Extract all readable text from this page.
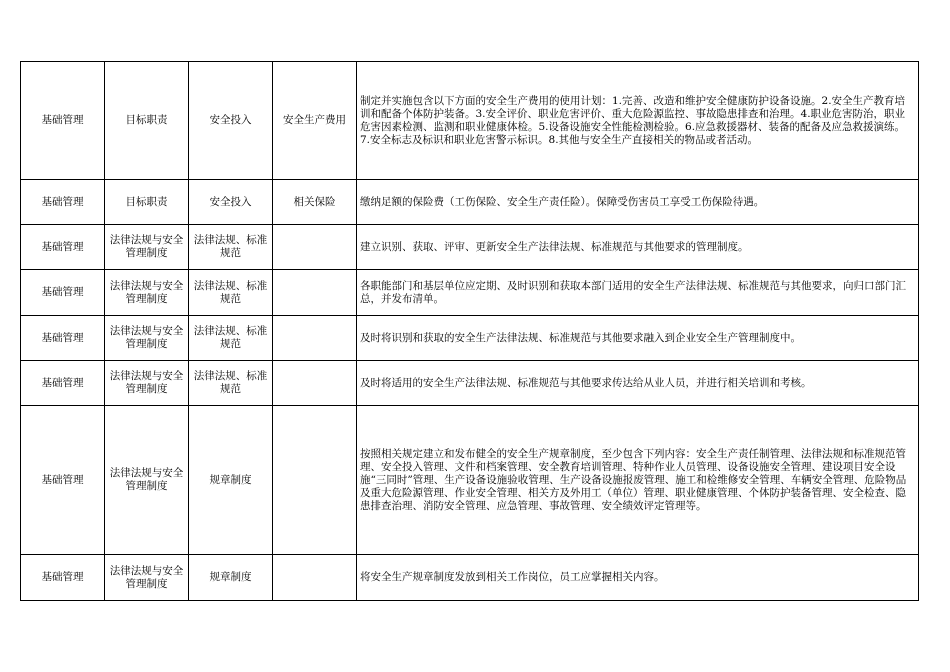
基础管理	目标职责	安全投入	安全生产费用	制定并实施包含以下方面的安全生产费用的使用计划：1.完善、改造和维护安全健康防护设备设施。2.安全生产教育培训和配备个体防护装备。3.安全评价、职业危害评价、重大危险源监控、事故隐患排查和治理。4.职业危害防治，职业危害因素检测、监测和职业健康体检。5.设备设施安全性能检测检验。6.应急救援器材、装备的配备及应急救援演练。7.安全标志及标识和职业危害警示标识。8.其他与安全生产直接相关的物品或者活动。
基础管理	目标职责	安全投入	相关保险	缴纳足额的保险费（工伤保险、安全生产责任险）。保障受伤害员工享受工伤保险待遇。
基础管理	法律法规与安全管理制度	法律法规、标准规范		建立识别、获取、评审、更新安全生产法律法规、标准规范与其他要求的管理制度。
基础管理	法律法规与安全管理制度	法律法规、标准规范		各职能部门和基层单位应定期、及时识别和获取本部门适用的安全生产法律法规、标准规范与其他要求，向归口部门汇总，并发布清单。
基础管理	法律法规与安全管理制度	法律法规、标准规范		及时将识别和获取的安全生产法律法规、标准规范与其他要求融入到企业安全生产管理制度中。
基础管理	法律法规与安全管理制度	法律法规、标准规范		及时将适用的安全生产法律法规、标准规范与其他要求传达给从业人员，并进行相关培训和考核。
基础管理	法律法规与安全管理制度	规章制度		按照相关规定建立和发布健全的安全生产规章制度，至少包含下列内容：安全生产责任制管理、法律法规和标准规范管理、安全投入管理、文件和档案管理、安全教育培训管理、特种作业人员管理、设备设施安全管理、建设项目安全设施“三同时”管理、生产设备设施验收管理、生产设备设施报废管理、施工和检维修安全管理、车辆安全管理、危险物品及重大危险源管理、作业安全管理、相关方及外用工（单位）管理、职业健康管理、个体防护装备管理、安全检查、隐患排查治理、消防安全管理、应急管理、事故管理、安全绩效评定管理等。
基础管理	法律法规与安全管理制度	规章制度		将安全生产规章制度发放到相关工作岗位，员工应掌握相关内容。
